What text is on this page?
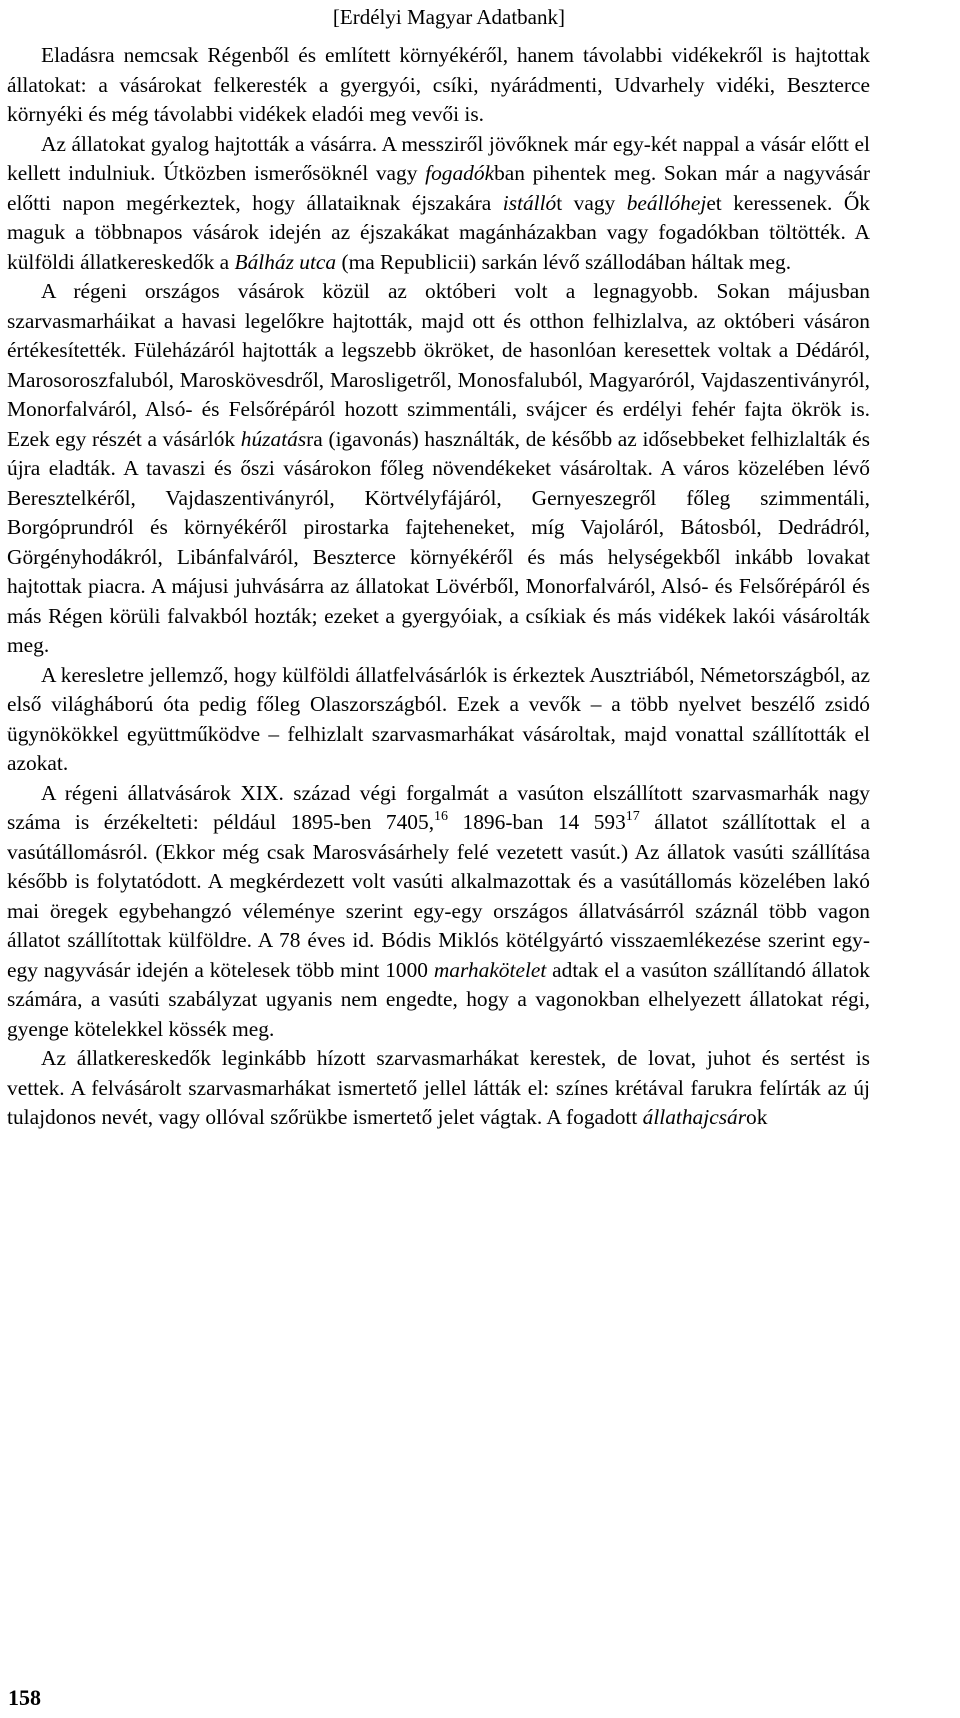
[Erdélyi Magyar Adatbank]

Eladásra nemcsak Régenből és említett környékéről, hanem távolabbi vidékekről is hajtottak állatokat: a vásárokat felkeresték a gyergyói, csíki, nyárádmenti, Udvarhely vidéki, Beszterce környéki és még távolabbi vidékek eladói meg vevői is.

Az állatokat gyalog hajtották a vásárra. A messziről jövőknek már egy-két nappal a vásár előtt el kellett indulniuk. Útközben ismerősöknél vagy fogadókban pihentek meg. Sokan már a nagyvásár előtti napon megérkeztek, hogy állataiknak éjszakára istállót vagy beállóhejet keressenek. Ők maguk a többnapos vásárok idején az éjszakákat magánházakban vagy fogadókban töltötték. A külföldi állatkereskedők a Bálház utca (ma Republicii) sarkán lévő szállodában háltak meg.

A régeni országos vásárok közül az októberi volt a legnagyobb. Sokan májusban szarvasmarháikat a havasi legelőkre hajtották, majd ott és otthon felhizlalva, az októberi vásáron értékesítették. Füleházáról hajtották a legszebb ökröket, de hasonlóan keresettek voltak a Dédáról, Marosoroszfaluból, Maroskövesdről, Marosligetről, Monosfaluból, Magyaróról, Vajdaszentiványról, Monorfalváról, Alsó- és Felsőrépáról hozott szimmentáli, svájcer és erdélyi fehér fajta ökrök is. Ezek egy részét a vásárlók húzatásra (igavonás) használták, de később az idősebbeket felhizlalták és újra eladták. A tavaszi és őszi vásárokon főleg növendékeket vásároltak. A város közelében lévő Beresztelkéről, Vajdaszentiványról, Körtvélyfájáról, Gernyeszegről főleg szimmentáli, Borgóprundról és környékéről pirostarka fajteheneket, míg Vajoláról, Bátosból, Dedrádról, Görgényhodákról, Libánfalváról, Beszterce környékéről és más helységekből inkább lovakat hajtottak piacra. A májusi juhvásárra az állatokat Lövérből, Monorfalváról, Alsó- és Felsőrépáról és más Régen körüli falvakból hozták; ezeket a gyergyóiak, a csíkiak és más vidékek lakói vásárolták meg.

A keresletre jellemző, hogy külföldi állatfelvásárlók is érkeztek Ausztriából, Németországból, az első világháború óta pedig főleg Olaszországból. Ezek a vevők – a több nyelvet beszélő zsidó ügynökökkel együttműködve – felhizlalt szarvasmarhákat vásároltak, majd vonattal szállították el azokat.

A régeni állatvásárok XIX. század végi forgalmát a vasúton elszállított szarvasmarhák nagy száma is érzékelteti: például 1895-ben 7405,16 1896-ban 14 $593^{17}$ állatot szállítottak el a vasútállomásról. (Ekkor még csak Marosvásárhely felé vezetett vasút.) Az állatok vasúti szállítása később is folytatódott. A megkérdezett volt vasúti alkalmazottak és a vasútállomás közelében lakó mai öregek egybehangzó véleménye szerint egy-egy országos állatvásárról száznál több vagon állatot szállítottak külföldre. A 78 éves id. Bódis Miklós kötélgyártó visszaemlékezése szerint egy-egy nagyvásár idején a kötelesek több mint 1000 marhakötelet adtak el a vasúton szállítandó állatok számára, a vasúti szabályzat ugyanis nem engedte, hogy a vagonokban elhelyezett állatokat régi, gyenge kötelekkel kössék meg.

Az állatkereskedők leginkább hízott szarvasmarhákat kerestek, de lovat, juhot és sertést is vettek. A felvásárolt szarvasmarhákat ismertető jellel látták el: színes krétával farukra felírták az új tulajdonos nevét, vagy ollóval szőrükbe ismertető jelet vágtak. A fogadott állathajcsárok

158
